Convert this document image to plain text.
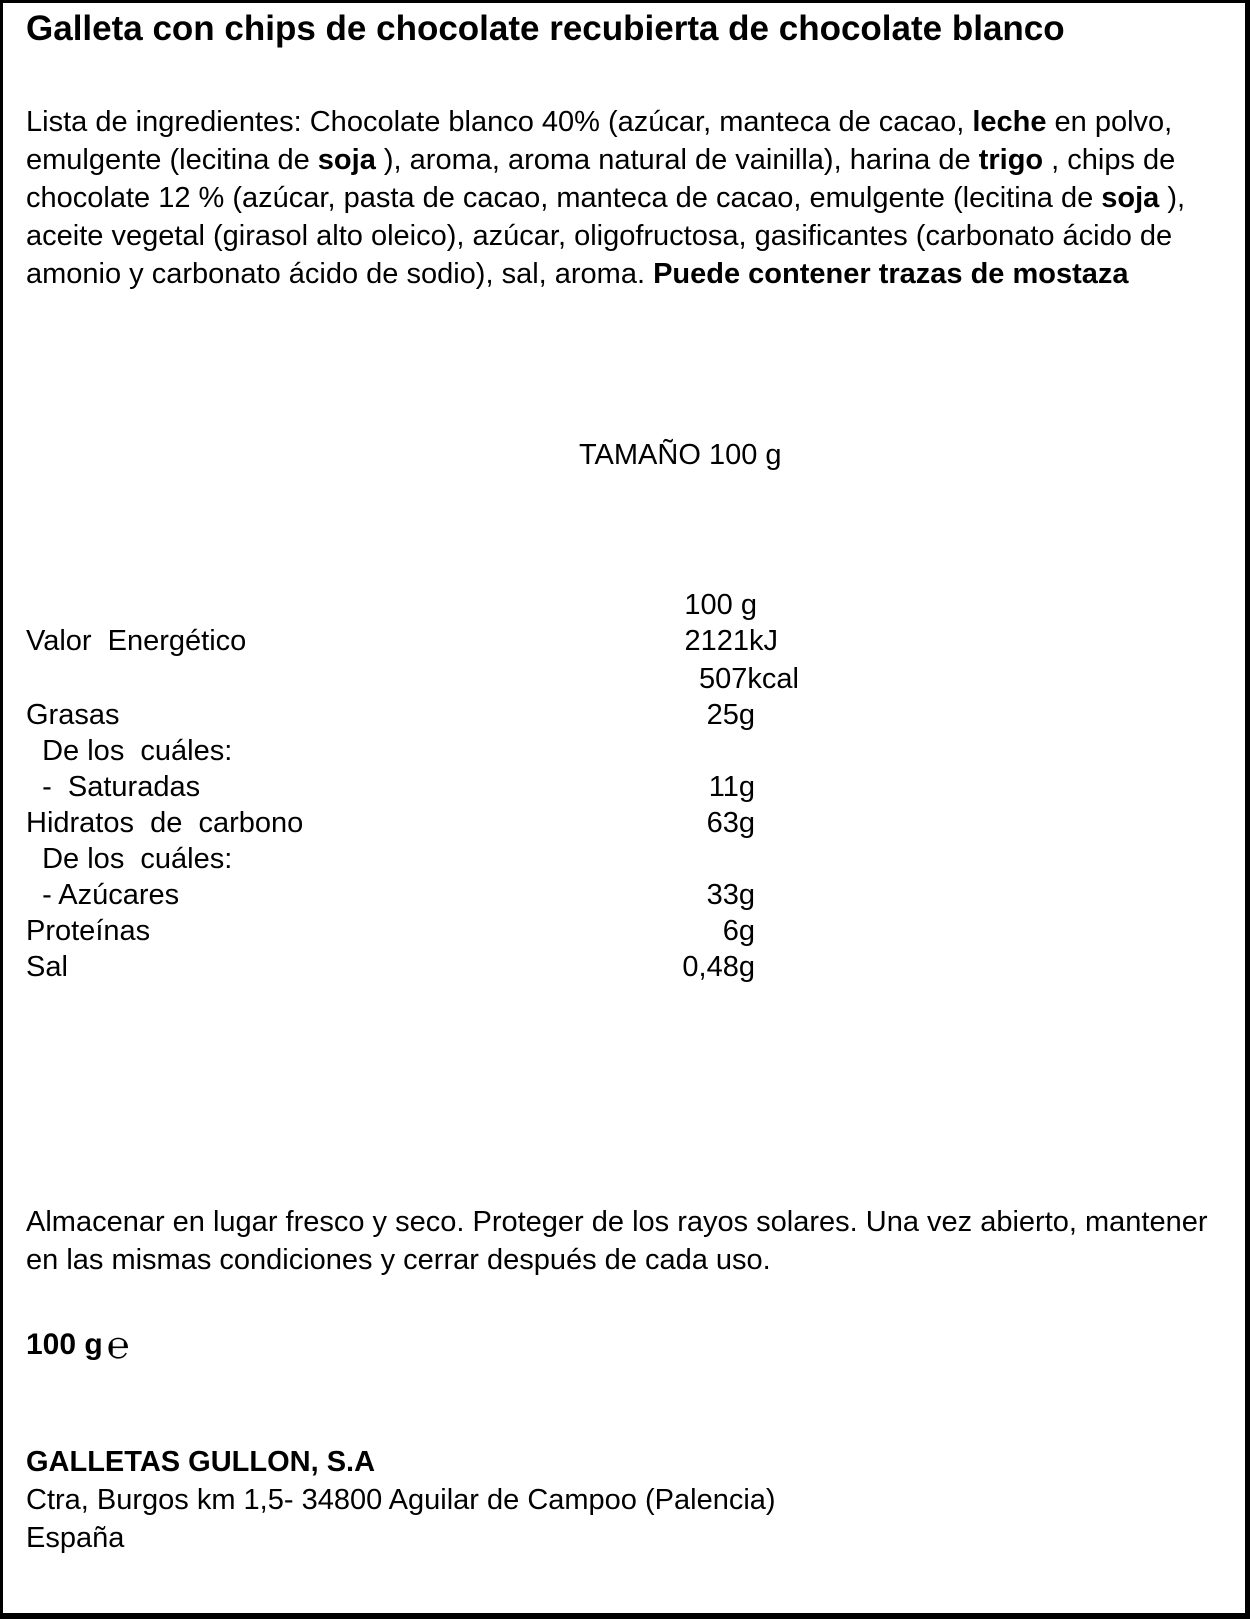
Galleta con chips de chocolate recubierta de chocolate blanco

Lista de ingredientes: Chocolate blanco 40% (azúcar, manteca de cacao, leche en polvo, emulgente (lecitina de soja ), aroma, aroma natural de vainilla), harina de trigo , chips de chocolate 12 % (azúcar, pasta de cacao, manteca de cacao, emulgente (lecitina de soja ), aceite vegetal (girasol alto oleico), azúcar, oligofructosa, gasificantes (carbonato ácido de amonio y carbonato ácido de sodio), sal, aroma. Puede contener trazas de mostaza

TAMAÑO 100 g
100 g
Valor  Energético	2121kJ
507kcal
Grasas	25g
De los  cuáles:
-  Saturadas	11g
Hidratos  de  carbono	63g
De los  cuáles:
- Azúcares	33g
Proteínas	6g
Sal	0,48g

Almacenar en lugar fresco y seco. Proteger de los rayos solares. Una vez abierto, mantener en las mismas condiciones y cerrar después de cada uso.

100 g ℮
GALLETAS GULLON, S.A
Ctra, Burgos km 1,5- 34800 Aguilar de Campoo (Palencia)
España
